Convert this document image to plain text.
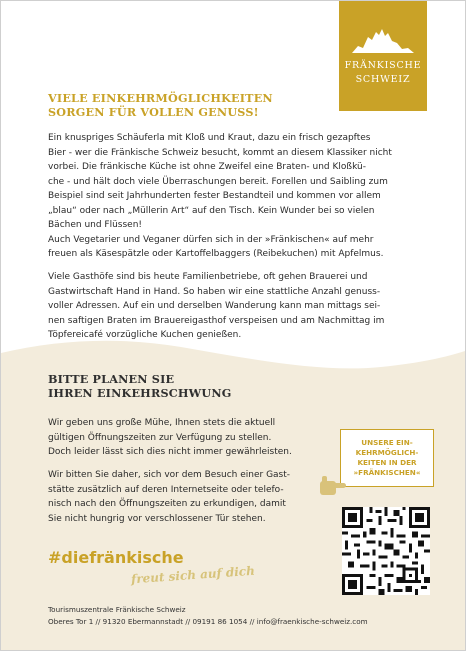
FRÄNKISCHE
SCHWEIZ
VIELE EINKEHRMÖGLICHKEITEN
SORGEN FÜR VOLLEN GENUSS!
Ein knuspriges Schäuferla mit Kloß und Kraut, dazu ein frisch gezapftes
Bier - wer die Fränkische Schweiz besucht, kommt an diesem Klassiker nicht
vorbei. Die fränkische Küche ist ohne Zweifel eine Braten- und Kloßkü-
che - und hält doch viele Überraschungen bereit. Forellen und Saibling zum
Beispiel sind seit Jahrhunderten fester Bestandteil und kommen vor allem
„blau“ oder nach „Müllerin Art“ auf den Tisch. Kein Wunder bei so vielen
Bächen und Flüssen!
Auch Vegetarier und Veganer dürfen sich in der »Fränkischen« auf mehr
freuen als Käsespätzle oder Kartoffelbaggers (Reibekuchen) mit Apfelmus.
Viele Gasthöfe sind bis heute Familienbetriebe, oft gehen Brauerei und
Gastwirtschaft Hand in Hand. So haben wir eine stattliche Anzahl genuss-
voller Adressen. Auf ein und derselben Wanderung kann man mittags sei-
nen saftigen Braten im Brauereigasthof verspeisen und am Nachmittag im
Töpfereicafé vorzügliche Kuchen genießen.
BITTE PLANEN SIE
IHREN EINKEHRSCHWUNG
Wir geben uns große Mühe, Ihnen stets die aktuell
gültigen Öffnungszeiten zur Verfügung zu stellen.
Doch leider lässt sich dies nicht immer gewährleisten.
Wir bitten Sie daher, sich vor dem Besuch einer Gast-
stätte zusätzlich auf deren Internetseite oder telefo-
nisch nach den Öffnungszeiten zu erkundigen, damit
Sie nicht hungrig vor verschlossener Tür stehen.
UNSERE EIN-
KEHRMÖGLICH-
KEITEN IN DER
»FRÄNKISCHEN«
#diefränkische
freut sich auf dich
Tourismuszentrale Fränkische Schweiz
Oberes Tor 1 // 91320 Ebermannstadt // 09191 86 1054 // info@fraenkische-schweiz.com
